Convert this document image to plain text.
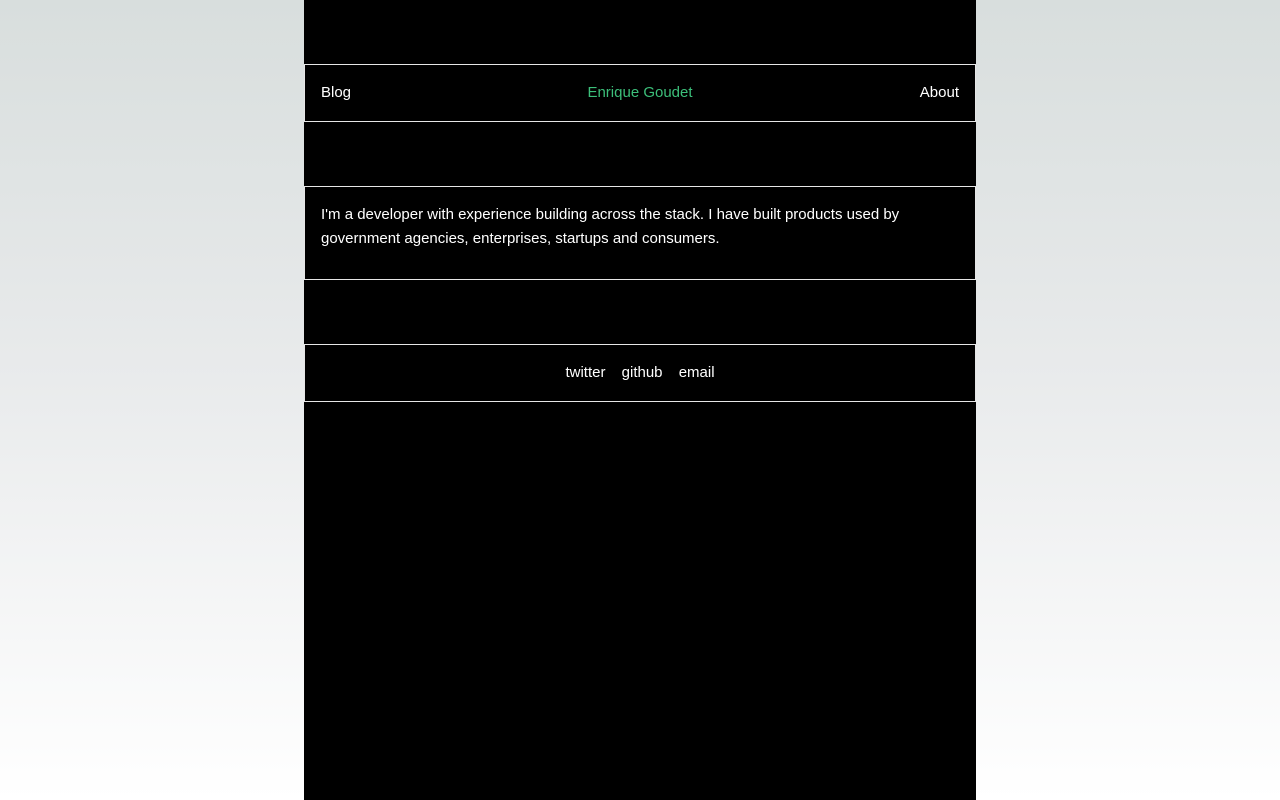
Blog	Enrique Goudet	About

I'm a developer with experience building across the stack. I have built products used by government agencies, enterprises, startups and consumers.

twitter github email
